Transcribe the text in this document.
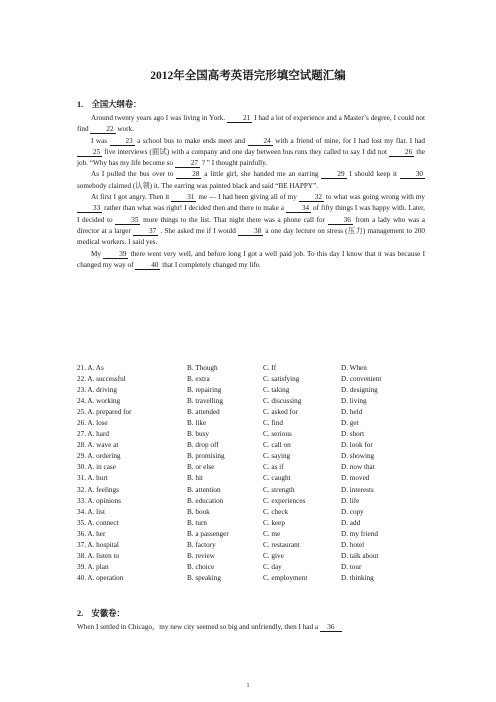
2012年全国高考英语完形填空试题汇编
1.　全国大纲卷：

Around twenty years ago I was living in York. 21 I had a lot of experience and a Master’s degree, I could not find 22 work.

I was 23 a school bus to make ends meet and 24 with a friend of mine, for I had lost my flat. I had 25 five interviews (面试) with a company and one day between bus runs they called to say I did not 26 the job. “Why has my life become so 27 ? ” I thought painfully.

As I pulled the bus over to 28 a little girl, she handed me an earring 29 I should keep it 30 somebody claimed (认领) it. The earring was painted black and said “BE HAPPY”.

At first I got angry. Then it 31 me — I had been giving all of my 32 to what was going wrong with my 33 rather than what was right! I decided then and there to make a 34 of fifty things I was happy with. Later, I decided to 35 more things to the list. That night there was a phone call for 36 from a lady who was a director at a larger 37 . She asked me if I would 38 a one day lecture on stress (压力) management to 200 medical workers. I said yes.

My 39 there went very well, and before long I got a well paid job. To this day I know that it was because I changed my way of 40 that I completely changed my life.

21. A. As	B. Though	C. If	D. When
22. A. successful	B. extra	C. satisfying	D. convenient
23. A. driving	B. repairing	C. taking	D. designing
24. A. working	B. travelling	C. discussing	D. living
25. A. prepared for	B. attended	C. asked for	D. held
26. A. lose	B. like	C. find	D. get
27. A. hard	B. busy	C. serious	D. short
28. A. wave at	B. drop off	C. call on	D. look for
29. A. ordering	B. promising	C. saying	D. showing
30. A. in case	B. or else	C. as if	D. now that
31. A. hurt	B. hit	C. caught	D. moved
32. A. feelings	B. attention	C. strength	D. interests
33. A. opinions	B. education	C. experiences	D. life
34. A. list	B. book	C. check	D. copy
35. A. connect	B. turn	C. keep	D. add
36. A. her	B. a passenger	C. me	D. my friend
37. A. hospital	B. factory	C. restaurant	D. hotel
38. A. listen to	B. review	C. give	D. talk about
39. A. plan	B. choice	C. day	D. tour
40. A. operation	B. speaking	C. employment	D. thinking
2.　安徽卷：
When I settled in Chicago，my new city seemed so big and unfriendly, then I had a 36
1
